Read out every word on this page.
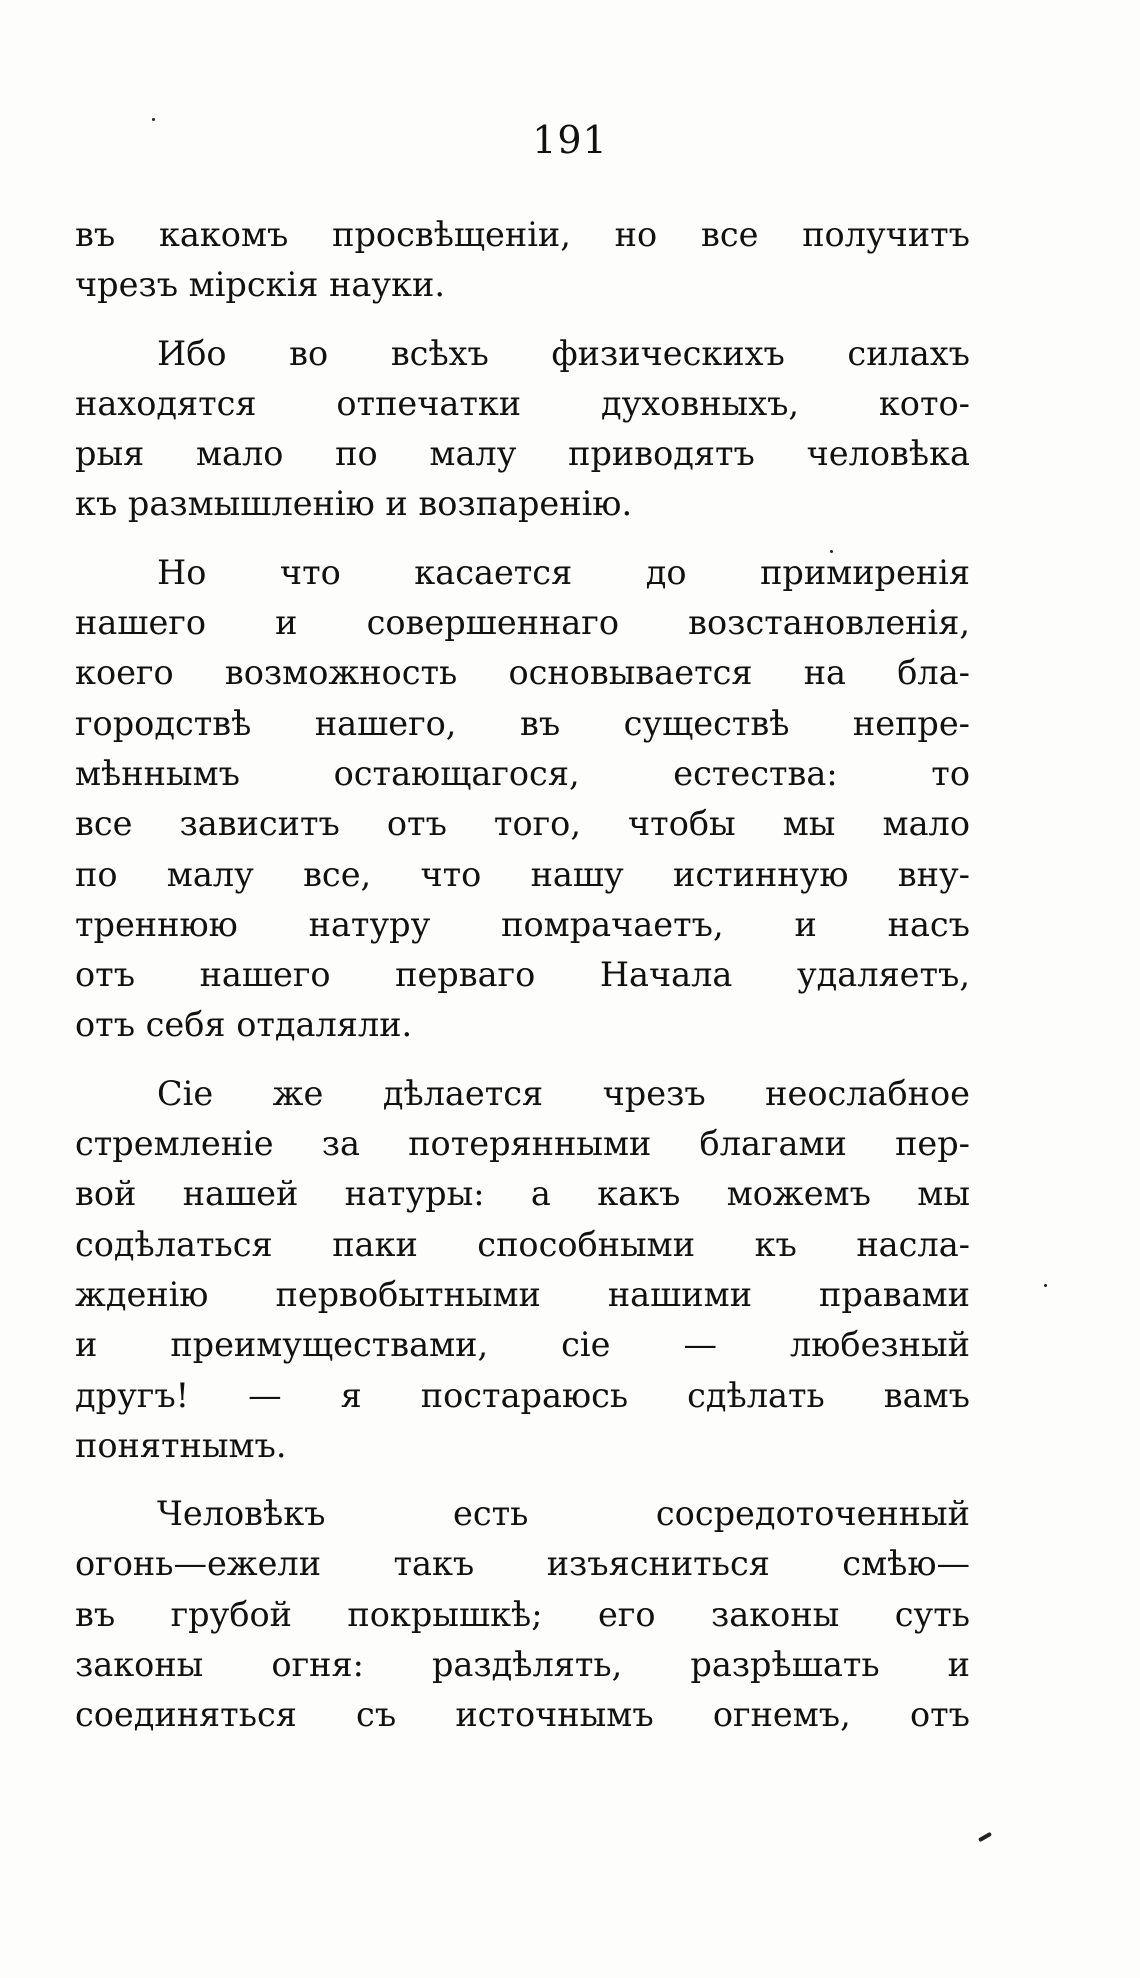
191

въ какомъ просвѣщеніи, но все получитъ
чрезъ мірскія науки.

Ибо во всѣхъ физическихъ силахъ
находятся отпечатки духовныхъ, кото-
рыя мало по малу приводятъ человѣка
къ размышленію и возпаренію.

Но что касается до примиренія
нашего и совершеннаго возстановленія,
коего возможность основывается на бла-
городствѣ нашего, въ существѣ непре-
мѣннымъ остающагося, естества: то
все зависитъ отъ того, чтобы мы мало
по малу все, что нашу истинную вну-
треннюю натуру помрачаетъ, и насъ
отъ нашего перваго Начала удаляетъ,
отъ себя отдаляли.

Сіе же дѣлается чрезъ неослабное
стремленіе за потерянными благами пер-
вой нашей натуры: а какъ можемъ мы
содѣлаться паки способными къ насла-
жденію первобытными нашими правами
и преимуществами, сіе — любезный
другъ! — я постараюсь сдѣлать вамъ
понятнымъ.

Человѣкъ есть сосредоточенный
огонь—ежели такъ изъясниться смѣю—
въ грубой покрышкѣ; его законы суть
законы огня: раздѣлять, разрѣшать и
соединяться съ источнымъ огнемъ, отъ
